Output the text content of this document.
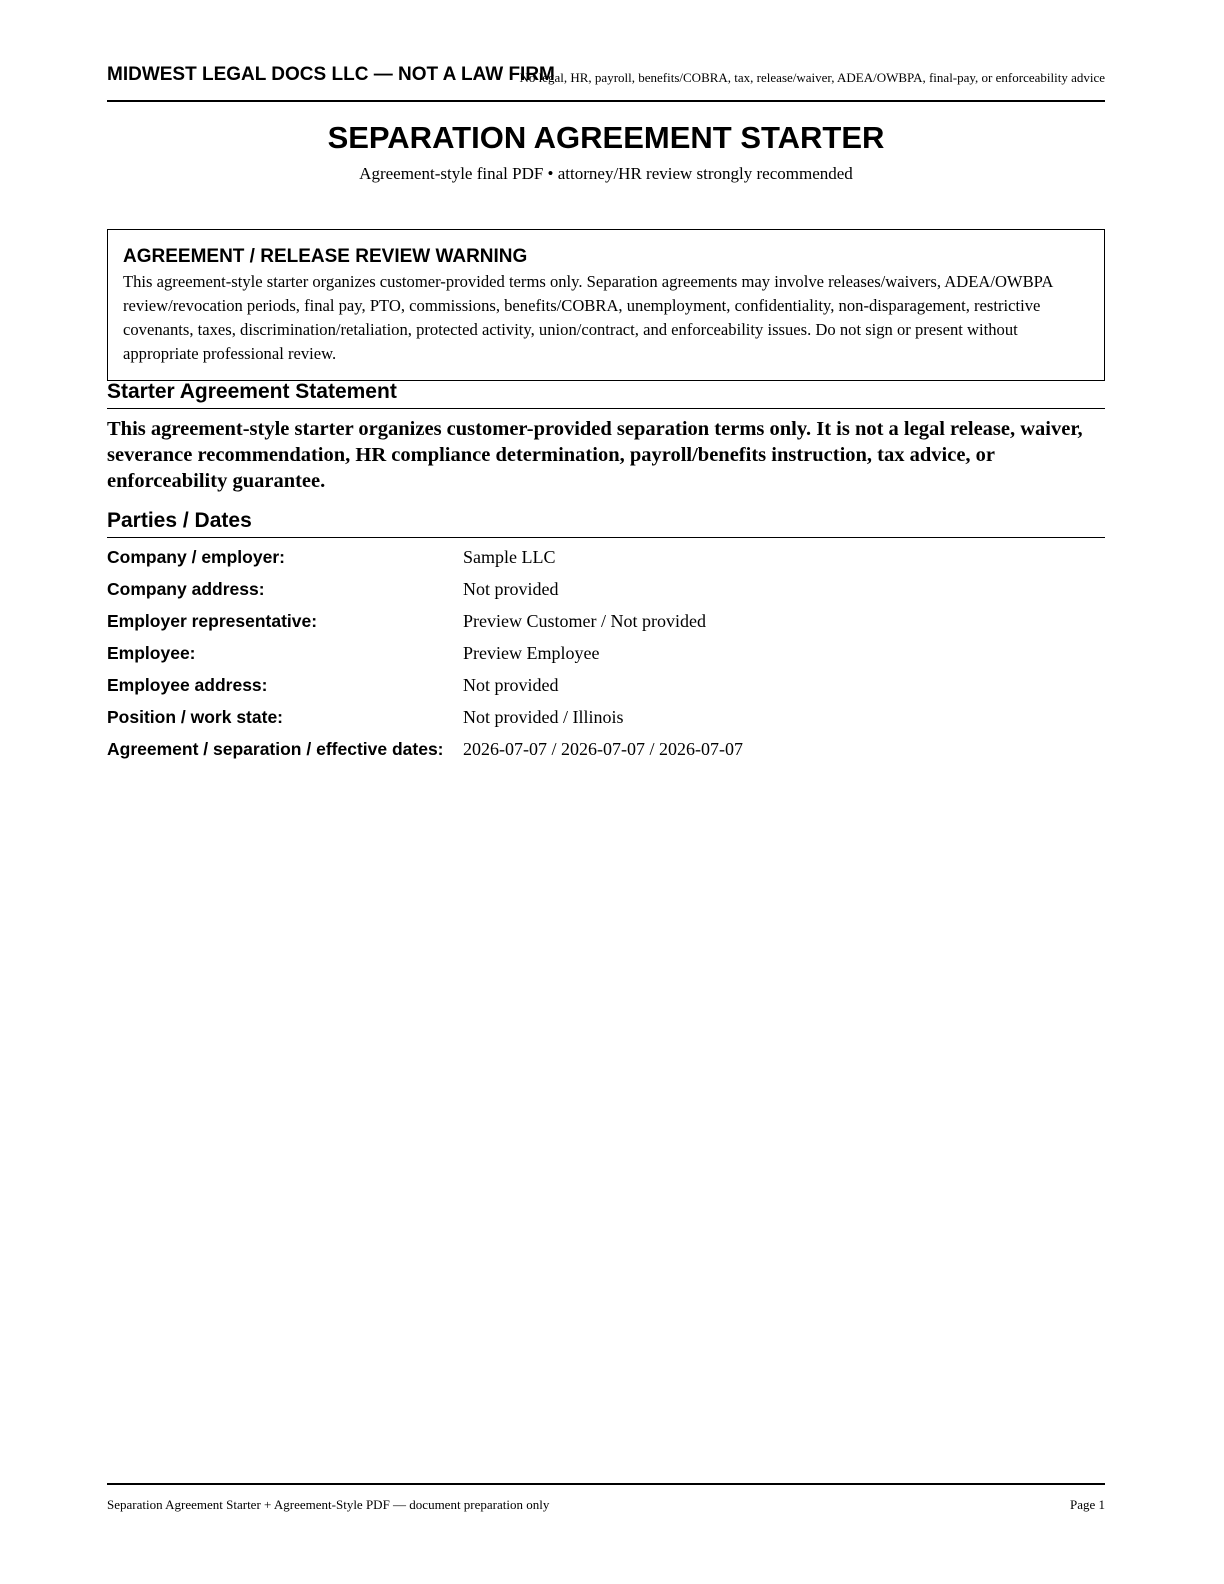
MIDWEST LEGAL DOCS LLC — NOT A LAW FIRM
No legal, HR, payroll, benefits/COBRA, tax, release/waiver, ADEA/OWBPA, final-pay, or enforceability advice
SEPARATION AGREEMENT STARTER
Agreement-style final PDF • attorney/HR review strongly recommended
AGREEMENT / RELEASE REVIEW WARNING
This agreement-style starter organizes customer-provided terms only. Separation agreements may involve releases/waivers, ADEA/OWBPA review/revocation periods, final pay, PTO, commissions, benefits/COBRA, unemployment, confidentiality, non-disparagement, restrictive covenants, taxes, discrimination/retaliation, protected activity, union/contract, and enforceability issues. Do not sign or present without appropriate professional review.
Starter Agreement Statement
This agreement-style starter organizes customer-provided separation terms only. It is not a legal release, waiver, severance recommendation, HR compliance determination, payroll/benefits instruction, tax advice, or enforceability guarantee.
Parties / Dates
Company / employer:	Sample LLC
Company address:	Not provided
Employer representative:	Preview Customer / Not provided
Employee:	Preview Employee
Employee address:	Not provided
Position / work state:	Not provided / Illinois
Agreement / separation / effective dates: 2026-07-07 / 2026-07-07 / 2026-07-07
Separation Agreement Starter + Agreement-Style PDF — document preparation only	Page 1
